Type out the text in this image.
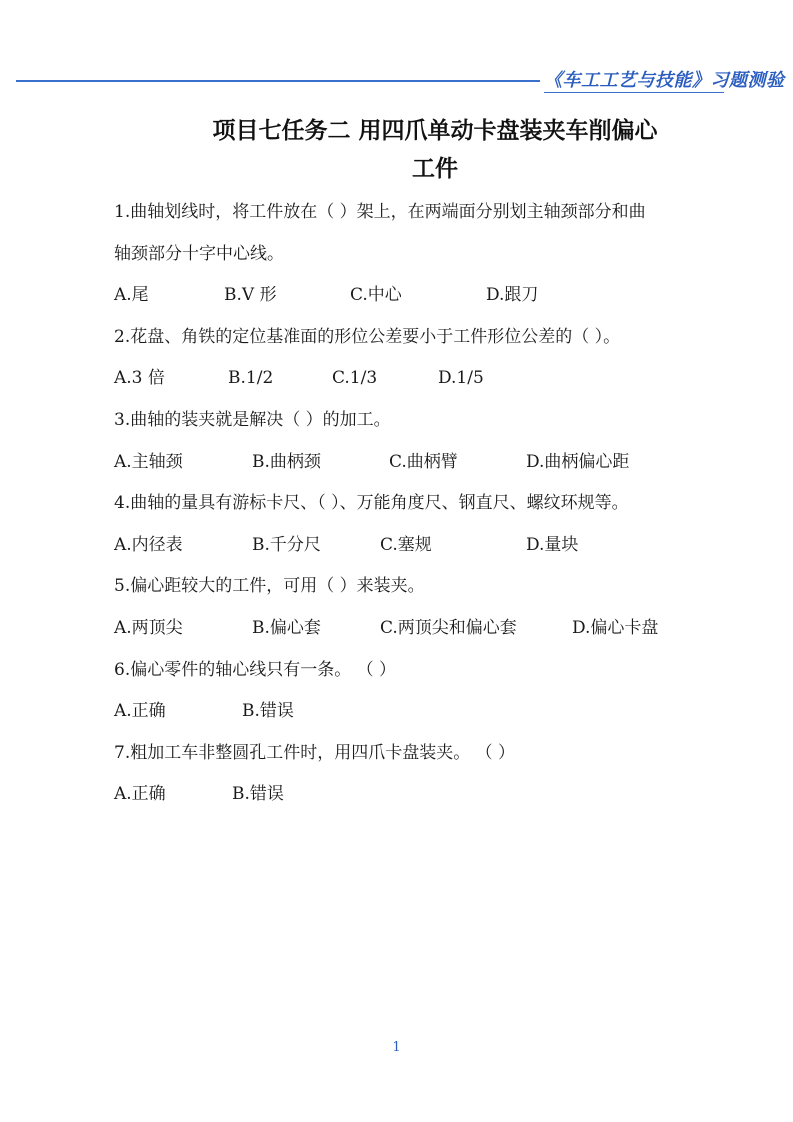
《车工工艺与技能》习题测验
项目七任务二 用四爪单动卡盘装夹车削偏心
工件
1.曲轴划线时，将工件放在（ ）架上，在两端面分别划主轴颈部分和曲
轴颈部分十字中心线。
A.尾	B.V 形	C.中心	D.跟刀
2.花盘、角铁的定位基准面的形位公差要小于工件形位公差的（ ）。
A.3 倍	B.1/2	C.1/3	D.1/5
3.曲轴的装夹就是解决（ ）的加工。
A.主轴颈	B.曲柄颈	C.曲柄臂	D.曲柄偏心距
4.曲轴的量具有游标卡尺、（ ）、万能角度尺、钢直尺、螺纹环规等。
A.内径表	B.千分尺	C.塞规	D.量块
5.偏心距较大的工件，可用（ ）来装夹。
A.两顶尖	B.偏心套	C.两顶尖和偏心套	D.偏心卡盘
6.偏心零件的轴心线只有一条。 （ ）
A.正确	B.错误
7.粗加工车非整圆孔工件时，用四爪卡盘装夹。 （ ）
A.正确	B.错误
1
